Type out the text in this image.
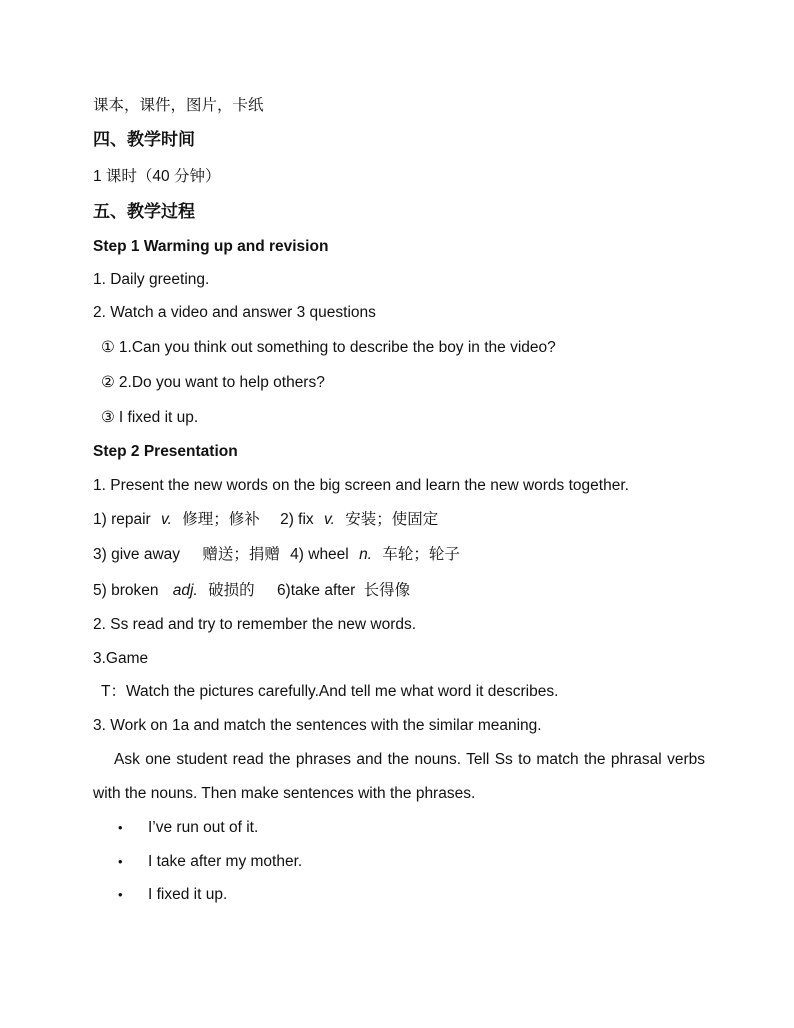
课本，课件，图片，卡纸
四、教学时间
1 课时（40 分钟）
五、教学过程
Step 1 Warming up and revision
1. Daily greeting.
2. Watch a video and answer 3 questions
① 1.Can you think out something to describe the boy in the video?
② 2.Do you want to help others?
③ I fixed it up.
Step 2 Presentation
1. Present the new words on the big screen and learn the new words together.
1) repair v. 修理；修补 2) fix v. 安装；使固定
3) give away 赠送；捐赠 4) wheel n. 车轮；轮子
5) broken adj. 破损的 6)take after 长得像
2. Ss read and try to remember the new words.
3.Game
T：Watch the pictures carefully.And tell me what word it describes.
3. Work on 1a and match the sentences with the similar meaning.
Ask one student read the phrases and the nouns. Tell Ss to match the phrasal verbs with the nouns. Then make sentences with the phrases.
• I’ve run out of it.
• I take after my mother.
• I fixed it up.
